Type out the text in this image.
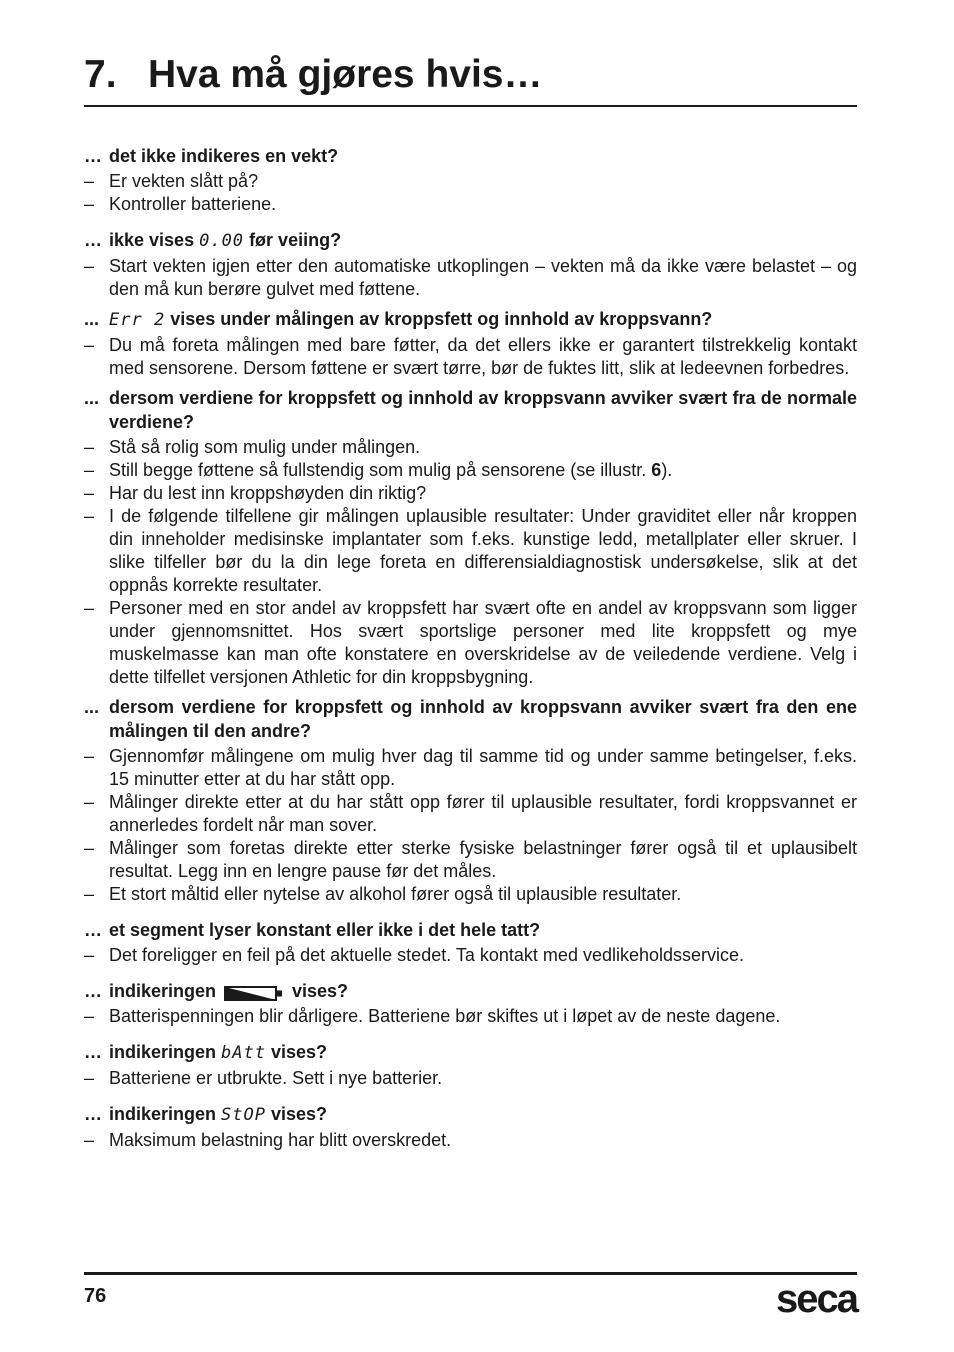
7. Hva må gjøres hvis…
… det ikke indikeres en vekt?
– Er vekten slått på?
– Kontroller batteriene.
… ikke vises 0.00 før veiing?
– Start vekten igjen etter den automatiske utkoplingen – vekten må da ikke være belastet – og den må kun berøre gulvet med føttene.
... Err 2 vises under målingen av kroppsfett og innhold av kroppsvann?
– Du må foreta målingen med bare føtter, da det ellers ikke er garantert tilstrekkelig kontakt med sensorene. Dersom føttene er svært tørre, bør de fuktes litt, slik at ledeevnen forbedres.
... dersom verdiene for kroppsfett og innhold av kroppsvann avviker svært fra de normale verdiene?
– Stå så rolig som mulig under målingen.
– Still begge føttene så fullstendig som mulig på sensorene (se illustr. 6).
– Har du lest inn kroppshøyden din riktig?
– I de følgende tilfellene gir målingen uplausible resultater: Under graviditet eller når kroppen din inneholder medisinske implantater som f.eks. kunstige ledd, metallplater eller skruer. I slike tilfeller bør du la din lege foreta en differensialdiagnostisk undersøkelse, slik at det oppnås korrekte resultater.
– Personer med en stor andel av kroppsfett har svært ofte en andel av kroppsvann som ligger under gjennomsnittet. Hos svært sportslige personer med lite kroppsfett og mye muskelmasse kan man ofte konstatere en overskridelse av de veiledende verdiene. Velg i dette tilfellet versjonen Athletic for din kroppsbygning.
... dersom verdiene for kroppsfett og innhold av kroppsvann avviker svært fra den ene målingen til den andre?
– Gjennomfør målingene om mulig hver dag til samme tid og under samme betingelser, f.eks. 15 minutter etter at du har stått opp.
– Målinger direkte etter at du har stått opp fører til uplausible resultater, fordi kroppsvannet er annerledes fordelt når man sover.
– Målinger som foretas direkte etter sterke fysiske belastninger fører også til et uplausibelt resultat. Legg inn en lengre pause før det måles.
– Et stort måltid eller nytelse av alkohol fører også til uplausible resultater.
… et segment lyser konstant eller ikke i det hele tatt?
– Det foreligger en feil på det aktuelle stedet. Ta kontakt med vedlikeholdsservice.
… indikeringen	vises?
– Batterispenningen blir dårligere. Batteriene bør skiftes ut i løpet av de neste dagene.
… indikeringen bAtt vises?
– Batteriene er utbrukte. Sett i nye batterier.
… indikeringen StOP vises?
– Maksimum belastning har blitt overskredet.
76	seca
